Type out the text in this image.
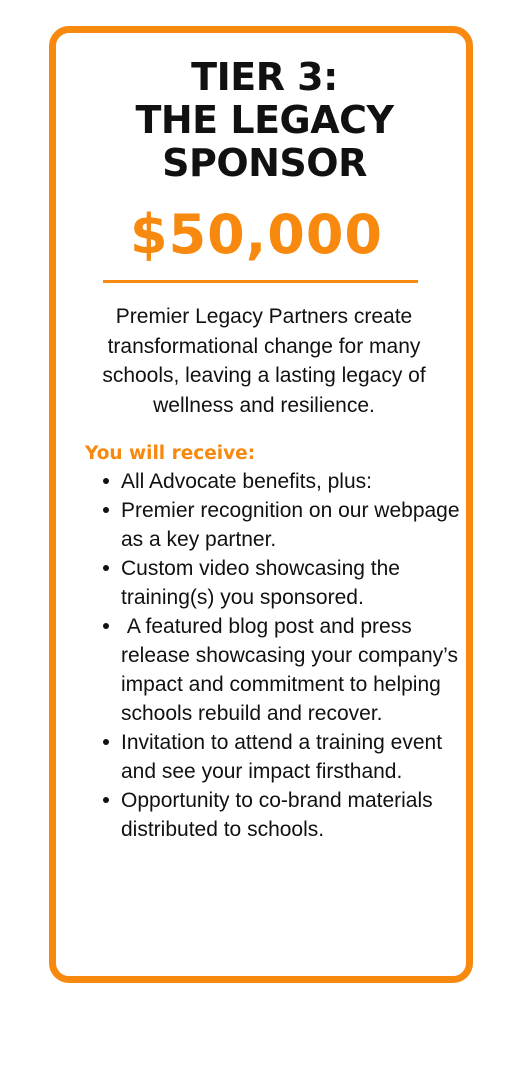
TIER 3:
THE LEGACY
SPONSOR
$50,000
Premier Legacy Partners create transformational change for many schools, leaving a lasting legacy of wellness and resilience.
You will receive:
All Advocate benefits, plus:
Premier recognition on our webpage as a key partner.
Custom video showcasing the training(s) you sponsored.
A featured blog post and press release showcasing your company’s impact and commitment to helping schools rebuild and recover.
Invitation to attend a training event and see your impact firsthand.
Opportunity to co-brand materials distributed to schools.
